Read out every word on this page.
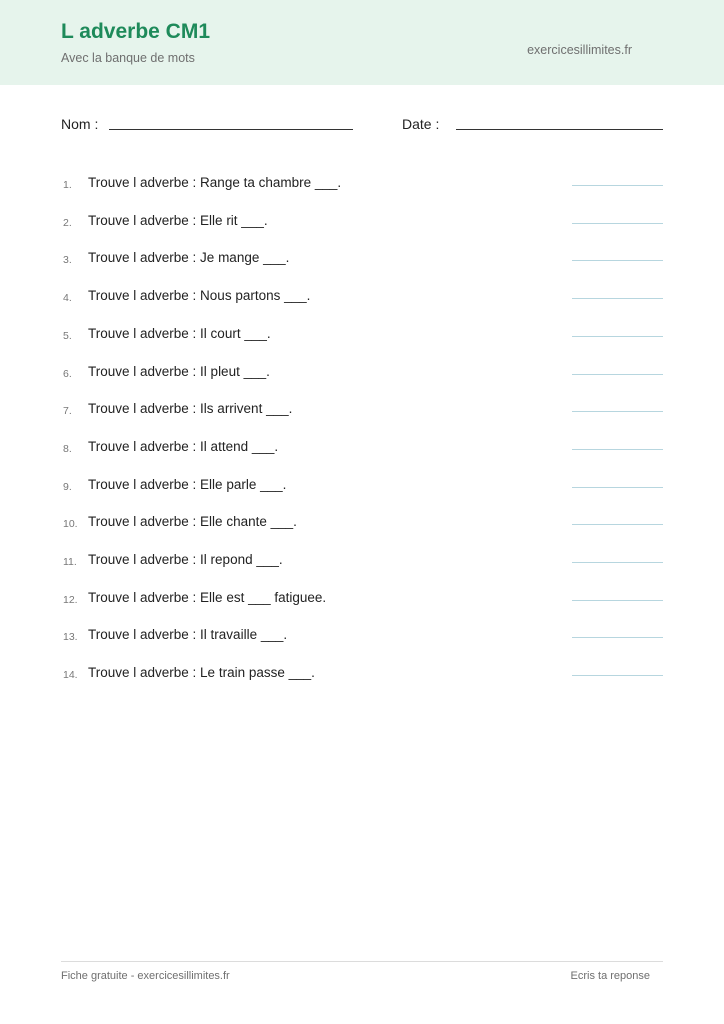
L adverbe CM1
Avec la banque de mots
exercicesillimites.fr
Nom :	Date :
1. Trouve l adverbe : Range ta chambre ___.
2. Trouve l adverbe : Elle rit ___.
3. Trouve l adverbe : Je mange ___.
4. Trouve l adverbe : Nous partons ___.
5. Trouve l adverbe : Il court ___.
6. Trouve l adverbe : Il pleut ___.
7. Trouve l adverbe : Ils arrivent ___.
8. Trouve l adverbe : Il attend ___.
9. Trouve l adverbe : Elle parle ___.
10. Trouve l adverbe : Elle chante ___.
11. Trouve l adverbe : Il repond ___.
12. Trouve l adverbe : Elle est ___ fatiguee.
13. Trouve l adverbe : Il travaille ___.
14. Trouve l adverbe : Le train passe ___.
Fiche gratuite - exercicesillimites.fr	Ecris ta reponse
